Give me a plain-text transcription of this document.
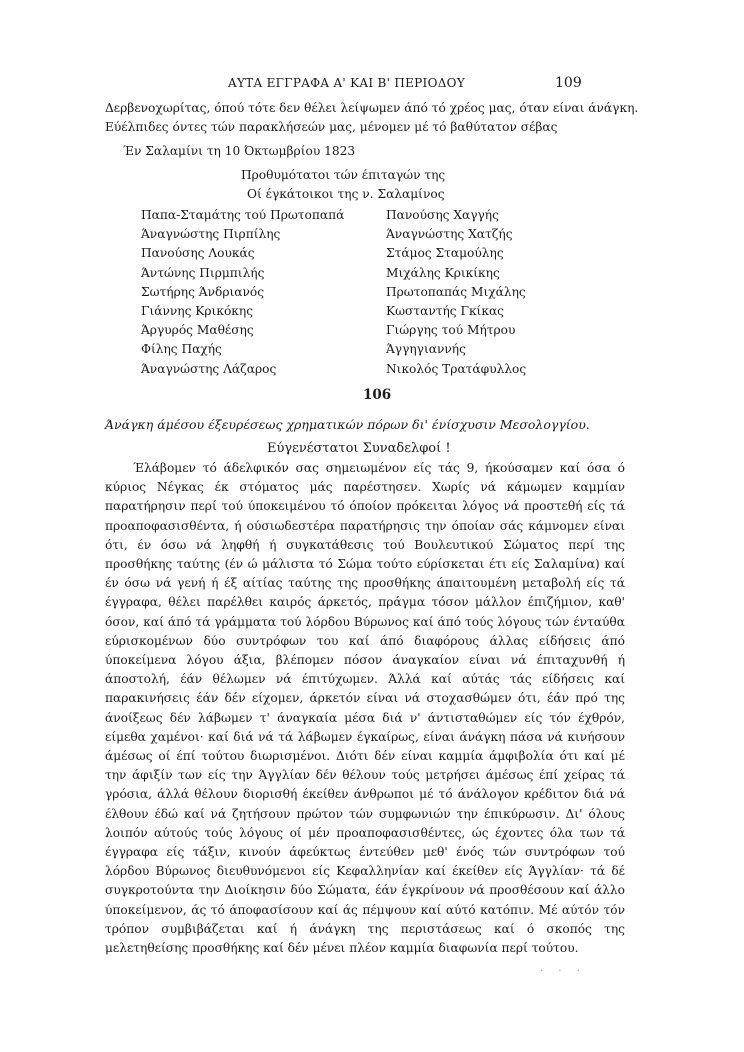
ΑΥΤΑ ΕΓΓΡΑΦΑ Α' ΚΑΙ Β' ΠΕΡΙΟΔΟΥ	109
Δερβενοχωρίτας, όπού τότε δεν θέλει λείψωμεν άπό τό χρέος μας, όταν είναι άνάγκη.
Εύέλπιδες όντες τών παρακλήσεών μας, μένομεν μέ τό βαθύτατον σέβας
Έν Σαλαμίνι τη 10 Όκτωμβρίου 1823
Προθυμότατοι τών έπιταγών της
Οί έγκάτοικοι της ν. Σαλαμίνος
Παπα-Σταμάτης τού Πρωτοπαπά
Άναγνώστης Πιρπίλης
Πανούσης Λουκάς
Άντώνης Πιρμπιλής
Σωτήρης Άνδριανός
Γιάννης Κρικόκης
Άργυρός Μαθέσης
Φίλης Παχής
Άναγνώστης Λάζαρος
Πανούσης Χαγγής
Άναγνώστης Χατζής
Στάμος Σταμούλης
Μιχάλης Κρικίκης
Πρωτοπαπάς Μιχάλης
Κωσταντής Γκίκας
Γιώργης τού Μήτρου
Άγγηγιαννής
Νικολός Τρατάφυλλος
106
Άνάγκη άμέσου έξευρέσεως χρηματικών πόρων δι' ένίσχυσιν Μεσολογγίου.
Εύγενέστατοι Συναδελφοί !

Έλάβομεν τό άδελφικόν σας σημειωμένον είς τάς 9, ήκούσαμεν καί όσα ό κύριος Νέγκας έκ στόματος μάς παρέστησεν. Χωρίς νά κάμωμεν καμμίαν παρατήρησιν περί τού ύποκειμένου τό όποίον πρόκειται λόγος νά προστεθή είς τά προαποφασισθέντα, ή ούσιωδεστέρα παρατήρησις την όποίαν σάς κάμνομεν είναι ότι, έν όσω νά ληφθή ή συγκατάθεσις τού Βουλευτικού Σώματος περί της προσθήκης ταύτης (έν ώ μάλιστα τό Σώμα τούτο εύρίσκεται έτι είς Σαλαμίνα) καί έν όσω νά γενή ή έξ αίτίας ταύτης της προσθήκης άπαιτουμένη μεταβολή είς τά έγγραφα, θέλει παρέλθει καιρός άρκετός, πράγμα τόσον μάλλον έπιζήμιον, καθ' όσον, καί άπό τά γράμματα τού λόρδου Βύρωνος καί άπό τούς λόγους τών ένταύθα εύρισκομένων δύο συντρόφων του καί άπό διαφόρους άλλας είδήσεις άπό ύποκείμενα λόγου άξια, βλέπομεν πόσον άναγκαίον είναι νά έπιταχυνθή ή άποστολή, έάν θέλωμεν νά έπιτύχωμεν. Άλλά καί αύτάς τάς είδήσεις καί παρακινήσεις έάν δέν είχομεν, άρκετόν είναι νά στοχασθώμεν ότι, έάν πρό της άνοίξεως δέν λάβωμεν τ' άναγκαία μέσα διά ν' άντισταθώμεν είς τόν έχθρόν, είμεθα χαμένοι· καί διά νά τά λάβωμεν έγκαίρως, είναι άνάγκη πάσα νά κινήσουν άμέσως οί έπί τούτου διωρισμένοι. Διότι δέν είναι καμμία άμφιβολία ότι καί μέ την άφιξίν των είς την Άγγλίαν δέν θέλουν τούς μετρήσει άμέσως έπί χείρας τά γρόσια, άλλά θέλουν διορισθή έκείθεν άνθρωποι μέ τό άνάλογον κρέδιτον διά νά έλθουν έδώ καί νά ζητήσουν πρώτον τών συμφωνιών την έπικύρωσιν. Δι' όλους λοιπόν αύτούς τούς λόγους οί μέν προαποφασισθέντες, ώς έχοντες όλα των τά έγγραφα είς τάξιν, κινούν άφεύκτως έντεύθεν μεθ' ένός τών συντρόφων τού λόρδου Βύρωνος διευθυνόμενοι είς Κεφαλληνίαν καί έκείθεν είς Άγγλίαν· τά δέ συγκροτούντα την Διοίκησιν δύο Σώματα, έάν έγκρίνουν νά προσθέσουν καί άλλο ύποκείμενον, άς τό άποφασίσουν καί άς πέμψουν καί αύτό κατόπιν. Μέ αύτόν τόν τρόπον συμβιβάζεται καί ή άνάγκη της περιστάσεως καί ό σκοπός της μελετηθείσης προσθήκης καί δέν μένει πλέον καμμία διαφωνία περί τούτου.

· · ·
